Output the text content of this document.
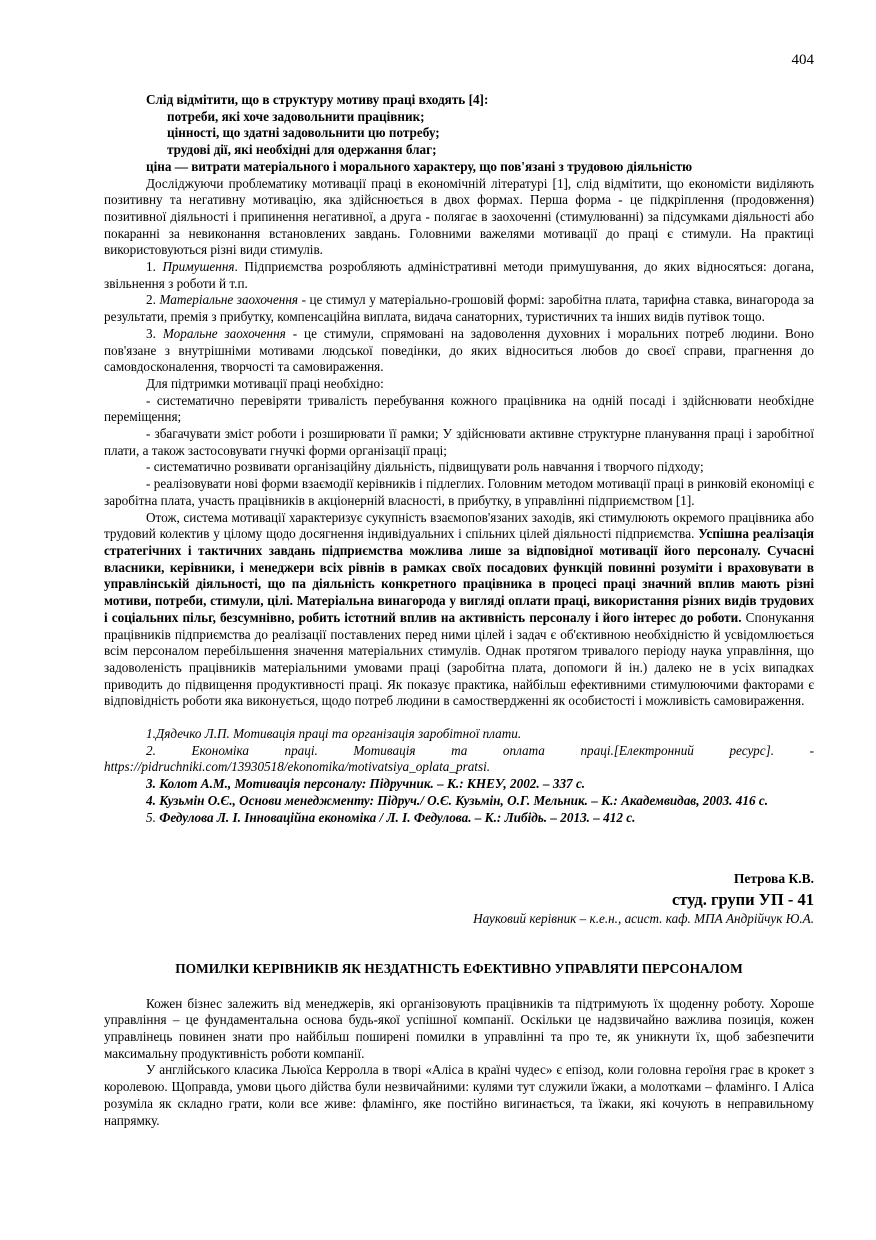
404

Слід відмітити, що в структуру мотиву праці входять [4]:

потреби, які хоче задовольнити працівник;
цінності, що здатні задовольнити цю потребу;
трудові дії, які необхідні для одержання благ;

ціна — витрати матеріального і морального характеру, що пов'язані з трудовою діяльністю

Досліджуючи проблематику мотивації праці в економічній літературі [1], слід відмітити, що економісти виділяють позитивну та негативну мотивацію, яка здійснюється в двох формах. Перша форма - це підкріплення (продовження) позитивної діяльності і припинення негативної, а друга - полягає в заохоченні (стимулюванні) за підсумками діяльності або покаранні за невиконання встановлених завдань. Головними важелями мотивації до праці є стимули. На практиці використовуються різні види стимулів.

1. Примушення. Підприємства розробляють адміністративні методи примушування, до яких відносяться: догана, звільнення з роботи й т.п.

2. Матеріальне заохочення - це стимул у матеріально-грошовій формі: заробітна плата, тарифна ставка, винагорода за результати, премія з прибутку, компенсаційна виплата, видача санаторних, туристичних та інших видів путівок тощо.

3. Моральне заохочення - це стимули, спрямовані на задоволення духовних і моральних потреб людини. Воно пов'язане з внутрішніми мотивами людської поведінки, до яких відноситься любов до своєї справи, прагнення до самовдосконалення, творчості та самовираження.

Для підтримки мотивації праці необхідно:

- систематично перевіряти тривалість перебування кожного працівника на одній посаді і здійснювати необхідне переміщення;

- збагачувати зміст роботи і розширювати її рамки; У здійснювати активне структурне планування праці і заробітної плати, а також застосовувати гнучкі форми організації праці;

- систематично розвивати організаційну діяльність, підвищувати роль навчання і творчого підходу;

- реалізовувати нові форми взаємодії керівників і підлеглих. Головним методом мотивації праці в ринковій економіці є заробітна плата, участь працівників в акціонерній власності, в прибутку, в управлінні підприємством [1].

Отож, система мотивації характеризує сукупність взаємопов'язаних заходів, які стимулюють окремого працівника або трудовий колектив у цілому щодо досягнення індивідуальних і спільних цілей діяльності підприємства. Успішна реалізація стратегічних і тактичних завдань підприємства можлива лише за відповідної мотивації його персоналу. Сучасні власники, керівники, і менеджери всіх рівнів в рамках своїх посадових функцій повинні розуміти і враховувати в управлінській діяльності, що па діяльність конкретного працівника в процесі праці значний вплив мають різні мотиви, потреби, стимули, цілі. Матеріальна винагорода у вигляді оплати праці, використання різних видів трудових і соціальних пільг, безсумнівно, робить істотний вплив на активність персоналу і його інтерес до роботи. Спонукання працівників підприємства до реалізації поставлених перед ними цілей і задач є об'єктивною необхідністю й усвідомлюється всім персоналом перебільшення значення матеріальних стимулів. Однак протягом тривалого періоду наука управління, що задоволеність працівників матеріальними умовами праці (заробітна плата, допомоги й ін.) далеко не в усіх випадках приводить до підвищення продуктивності праці. Як показує практика, найбільш ефективними стимулюючими факторами є відповідність роботи яка виконується, щодо потреб людини в самоствердженні як особистості і можливість самовираження.

1.Дядечко Л.П. Мотивація праці та організація заробітної плати.

2. Економіка праці. Мотивація та оплата праці.[Електронний ресурс]. -

https://pidruchniki.com/13930518/ekonomika/motivatsiya_oplata_pratsi.

3. Колот А.М., Мотивація персоналу: Підручник. – К.: КНЕУ, 2002. – 337 с.

4. Кузьмін О.Є., Основи менеджменту: Підруч./ О.Є. Кузьмін, О.Г. Мельник. – К.: Академвидав, 2003. 416 с.

5. Федулова Л. І. Інноваційна економіка / Л. І. Федулова. – К.: Либідь. – 2013. – 412 с.

Петрова К.В.

студ. групи УП - 41

Науковий керівник – к.е.н., асист. каф. МПА Андрійчук Ю.А.

ПОМИЛКИ КЕРІВНИКІВ ЯК НЕЗДАТНІСТЬ ЕФЕКТИВНО УПРАВЛЯТИ ПЕРСОНАЛОМ

Кожен бізнес залежить від менеджерів, які організовують працівників та підтримують їх щоденну роботу. Хороше управління – це фундаментальна основа будь-якої успішної компанії. Оскільки це надзвичайно важлива позиція, кожен управлінець повинен знати про найбільш поширені помилки в управлінні та про те, як уникнути їх, щоб забезпечити максимальну продуктивність роботи компанії.

У англійського класика Льюїса Керролла в творі «Аліса в країні чудес» є епізод, коли головна героїня грає в крокет з королевою. Щоправда, умови цього дійства були незвичайними: кулями тут служили їжаки, а молотками – фламінго. І Аліса розуміла як складно грати, коли все живе: фламінго, яке постійно вигинається, та їжаки, які кочують в неправильному напрямку.
